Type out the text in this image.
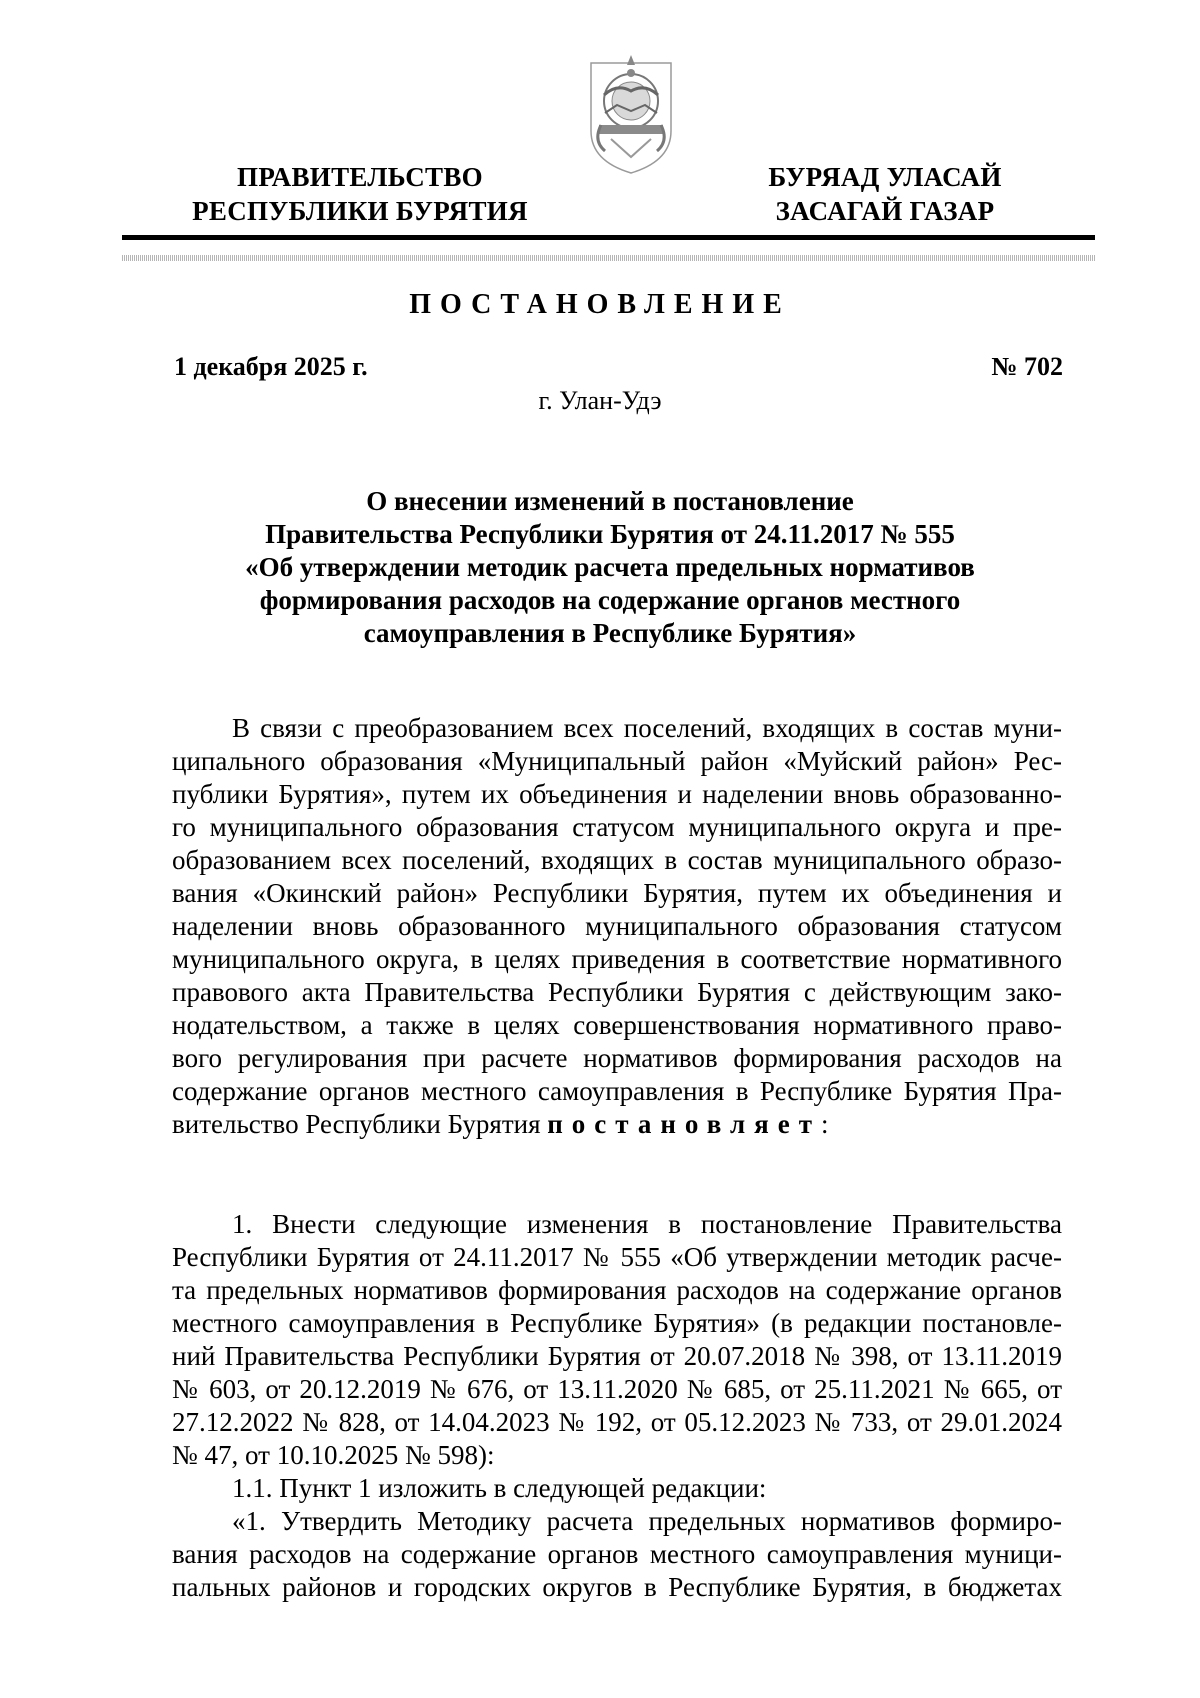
ПРАВИТЕЛЬСТВО
РЕСПУБЛИКИ БУРЯТИЯ
БУРЯАД УЛАСАЙ
ЗАСАГАЙ ГАЗАР
ПОСТАНОВЛЕНИЕ
1 декабря 2025 г.	№ 702
г. Улан-Удэ
О внесении изменений в постановление
Правительства Республики Бурятия от 24.11.2017 № 555
«Об утверждении методик расчета предельных нормативов
формирования расходов на содержание органов местного
самоуправления в Республике Бурятия»
В связи с преобразованием всех поселений, входящих в состав муни-
ципального образования «Муниципальный район «Муйский район» Рес-
публики Бурятия», путем их объединения и наделении вновь образованно-
го муниципального образования статусом муниципального округа и пре-
образованием всех поселений, входящих в состав муниципального образо-
вания «Окинский район» Республики Бурятия, путем их объединения и
наделении вновь образованного муниципального образования статусом
муниципального округа, в целях приведения в соответствие нормативного
правового акта Правительства Республики Бурятия с действующим зако-
нодательством, а также в целях совершенствования нормативного право-
вого регулирования при расчете нормативов формирования расходов на
содержание органов местного самоуправления в Республике Бурятия Пра-
вительство Республики Бурятия постановляет:
1. Внести следующие изменения в постановление Правительства
Республики Бурятия от 24.11.2017 № 555 «Об утверждении методик расче-
та предельных нормативов формирования расходов на содержание органов
местного самоуправления в Республике Бурятия» (в редакции постановле-
ний Правительства Республики Бурятия от 20.07.2018 № 398, от 13.11.2019
№ 603, от 20.12.2019 № 676, от 13.11.2020 № 685, от 25.11.2021 № 665, от
27.12.2022 № 828, от 14.04.2023 № 192, от 05.12.2023 № 733, от 29.01.2024
№ 47, от 10.10.2025 № 598):
1.1. Пункт 1 изложить в следующей редакции:
«1. Утвердить Методику расчета предельных нормативов формиро-
вания расходов на содержание органов местного самоуправления муници-
пальных районов и городских округов в Республике Бурятия, в бюджетах
